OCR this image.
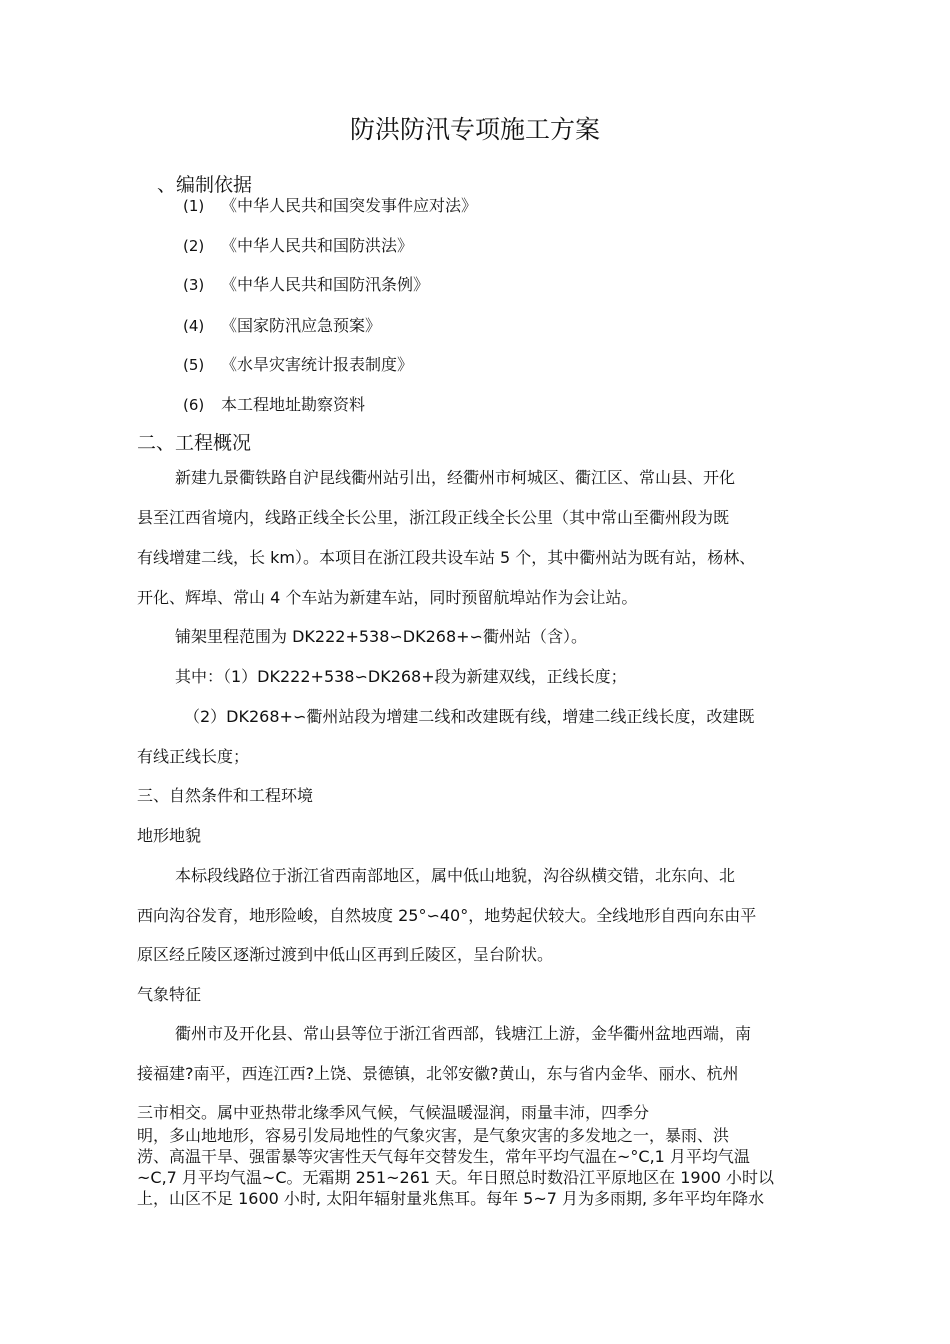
防洪防汛专项施工方案
、编制依据
(1) 《中华人民共和国突发事件应对法》
(2) 《中华人民共和国防洪法》
(3) 《中华人民共和国防汛条例》
(4) 《国家防汛应急预案》
(5) 《水旱灾害统计报表制度》
(6) 本工程地址勘察资料
二、工程概况
新建九景衢铁路自沪昆线衢州站引出，经衢州市柯城区、衢江区、常山县、开化
县至江西省境内，线路正线全长公里，浙江段正线全长公里（其中常山至衢州段为既
有线增建二线，长 km）。本项目在浙江段共设车站 5 个，其中衢州站为既有站，杨林、
开化、辉埠、常山 4 个车站为新建车站，同时预留航埠站作为会让站。
铺架里程范围为 DK222+538∽DK268+∽衢州站（含）。
其中：（1）DK222+538∽DK268+段为新建双线，正线长度；
（2）DK268+∽衢州站段为增建二线和改建既有线，增建二线正线长度，改建既
有线正线长度；
三、自然条件和工程环境
地形地貌
本标段线路位于浙江省西南部地区，属中低山地貌，沟谷纵横交错，北东向、北
西向沟谷发育，地形险峻，自然坡度 25°∽40°，地势起伏较大。全线地形自西向东由平
原区经丘陵区逐渐过渡到中低山区再到丘陵区，呈台阶状。
气象特征
衢州市及开化县、常山县等位于浙江省西部，钱塘江上游，金华衢州盆地西端，南
接福建?南平，西连江西?上饶、景德镇，北邻安徽?黄山，东与省内金华、丽水、杭州
三市相交。属中亚热带北缘季风气候，气候温暖湿润，雨量丰沛，四季分
明，多山地地形，容易引发局地性的气象灾害，是气象灾害的多发地之一，暴雨、洪
涝、高温干旱、强雷暴等灾害性天气每年交替发生，常年平均气温在~°C,1 月平均气温
~C,7 月平均气温~C。无霜期 251~261 天。年日照总时数沿江平原地区在 1900 小时以
上，山区不足 1600 小时, 太阳年辐射量兆焦耳。每年 5~7 月为多雨期, 多年平均年降水
